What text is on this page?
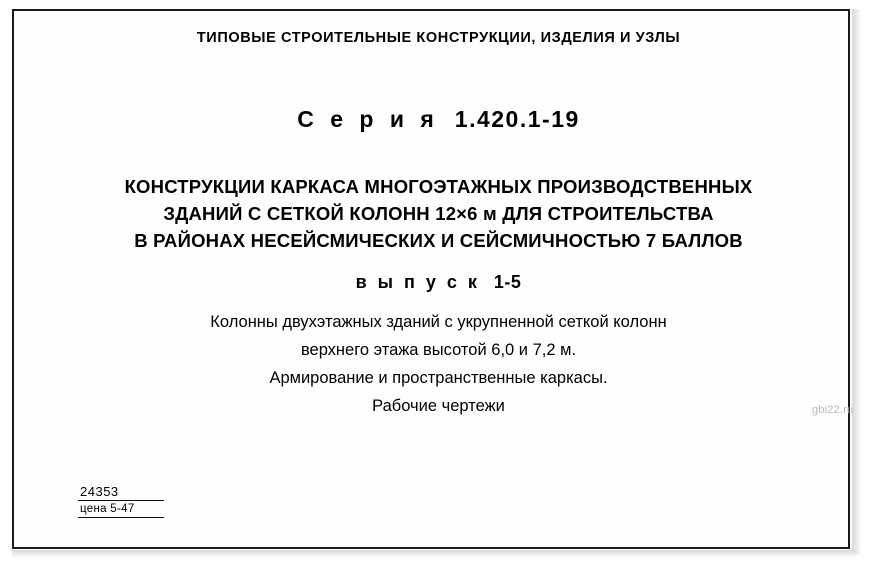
ТИПОВЫЕ СТРОИТЕЛЬНЫЕ КОНСТРУКЦИИ, ИЗДЕЛИЯ И УЗЛЫ
С е р и я 1.420.1-19
КОНСТРУКЦИИ КАРКАСА МНОГОЭТАЖНЫХ ПРОИЗВОДСТВЕННЫХ
ЗДАНИЙ С СЕТКОЙ КОЛОНН 12×6 м ДЛЯ СТРОИТЕЛЬСТВА
В РАЙОНАХ НЕСЕЙСМИЧЕСКИХ И СЕЙСМИЧНОСТЬЮ 7 БАЛЛОВ
в ы п у с к 1-5
Колонны двухэтажных зданий с укрупненной сеткой колонн
верхнего этажа высотой 6,0 и 7,2 м.
Армирование и пространственные каркасы.
Рабочие чертежи
24353
цена 5-47
gbi22.ru
